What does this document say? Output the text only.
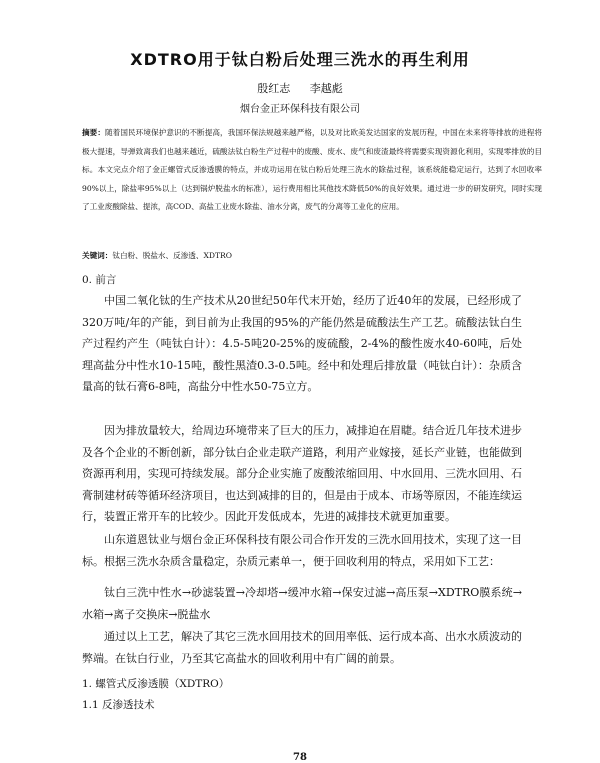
XDTRO用于钛白粉后处理三洗水的再生利用
殷红志 李越彪
烟台金正环保科技有限公司
摘要：随着国民环境保护意识的不断提高，我国环保法规越来越严格，以及对比欧美发达国家的发展历程，中国在未来将等排放的进程将极大提速，导弹致离我们也越来越近，硫酸法钛白粉生产过程中的废酸、废水、废气和废渣最终将需要实现资源化利用，实现零排放的目标。本文完点介绍了金正螺管式反渗透膜的特点，并成功运用在钛白粉后处理三洗水的除盐过程，该系统能稳定运行，达到了水回收率90%以上，除盐率95%以上（达到锅炉脱盐水的标准），运行费用相比其他技术降低50%的良好效果。通过进一步的研发研究，同时实现了工业废酸除盐、提浓，高COD、高盐工业废水除盐、油水分离，废气的分离等工业化的应用。
关键词：钛白粉、脱盐水、反渗透、XDTRO
0. 前言

中国二氧化钛的生产技术从20世纪50年代末开始，经历了近40年的发展，已经形成了320万吨/年的产能，到目前为止我国的95%的产能仍然是硫酸法生产工艺。硫酸法钛白生产过程约产生（吨钛白计）：4.5-5吨20-25%的废硫酸，2-4%的酸性废水40-60吨，后处理高盐分中性水10-15吨，酸性黑渣0.3-0.5吨。经中和处理后排放量（吨钛白计）：杂质含量高的钛石膏6-8吨，高盐分中性水50-75立方。

因为排放量较大，给周边环境带来了巨大的压力，减排迫在眉睫。结合近几年技术进步及各个企业的不断创新，部分钛白企业走联产道路，利用产业嫁接，延长产业链，也能做到资源再利用，实现可持续发展。部分企业实施了废酸浓缩回用、中水回用、三洗水回用、石膏制建材砖等循环经济项目，也达到减排的目的，但是由于成本、市场等原因，不能连续运行，装置正常开车的比较少。因此开发低成本，先进的减排技术就更加重要。

山东道恩钛业与烟台金正环保科技有限公司合作开发的三洗水回用技术，实现了这一目标。根据三洗水杂质含量稳定，杂质元素单一，便于回收利用的特点，采用如下工艺：

钛白三洗中性水→砂滤装置→冷却塔→缓冲水箱→保安过滤→高压泵→XDTRO膜系统→水箱→离子交换床→脱盐水

通过以上工艺，解决了其它三洗水回用技术的回用率低、运行成本高、出水水质波动的弊端。在钛白行业，乃至其它高盐水的回收利用中有广阔的前景。

1. 螺管式反渗透膜（XDTRO）
1.1 反渗透技术
78
